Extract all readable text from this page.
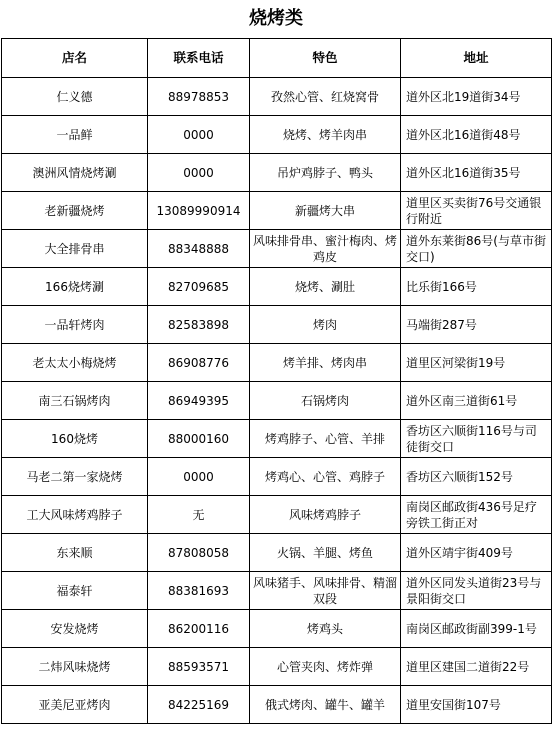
烧烤类
店名	联系电话	特色	地址
仁义德	88978853	孜然心管、红烧窝骨	道外区北19道街34号
一品鲜	0000	烧烤、烤羊肉串	道外区北16道街48号
澳洲风情烧烤涮	0000	吊炉鸡脖子、鸭头	道外区北16道街35号
老新疆烧烤	13089990914	新疆烤大串	道里区买卖街76号交通银行附近
大全排骨串	88348888	风味排骨串、蜜汁梅肉、烤鸡皮	道外东莱街86号(与草市街交口)
166烧烤涮	82709685	烧烤、涮肚	比乐街166号
一品轩烤肉	82583898	烤肉	马端街287号
老太太小梅烧烤	86908776	烤羊排、烤肉串	道里区河梁街19号
南三石锅烤肉	86949395	石锅烤肉	道外区南三道街61号
160烧烤	88000160	烤鸡脖子、心管、羊排	香坊区六顺街116号与司徒街交口
马老二第一家烧烤	0000	烤鸡心、心管、鸡脖子	香坊区六顺街152号
工大风味烤鸡脖子	无	风味烤鸡脖子	南岗区邮政街436号足疗旁铁工街正对
东来顺	87808058	火锅、羊腿、烤鱼	道外区靖宇街409号
福泰轩	88381693	风味猪手、风味排骨、精溜双段	道外区同发头道街23号与景阳街交口
安发烧烤	86200116	烤鸡头	南岗区邮政街副399-1号
二炜风味烧烤	88593571	心管夹肉、烤炸弹	道里区建国二道街22号
亚美尼亚烤肉	84225169	俄式烤肉、罐牛、罐羊	道里安国街107号
